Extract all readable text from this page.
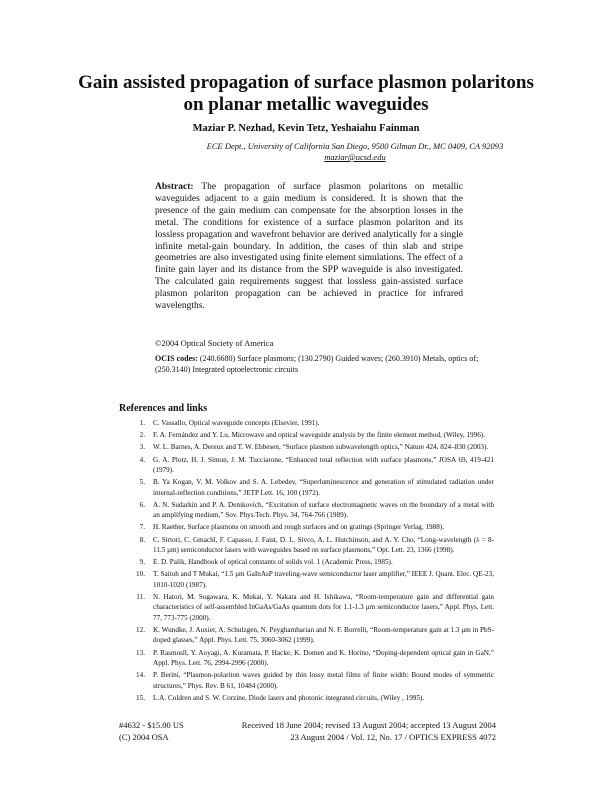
Gain assisted propagation of surface plasmon polaritons on planar metallic waveguides
Maziar P. Nezhad, Kevin Tetz, Yeshaiahu Fainman
ECE Dept., University of California San Diego, 9500 Gilman Dr., MC 0409, CA 92093
maziar@ucsd.edu
Abstract: The propagation of surface plasmon polaritons on metallic waveguides adjacent to a gain medium is considered. It is shown that the presence of the gain medium can compensate for the absorption losses in the metal. The conditions for existence of a surface plasmon polariton and its lossless propagation and wavefront behavior are derived analytically for a single infinite metal-gain boundary. In addition, the cases of thin slab and stripe geometries are also investigated using finite element simulations. The effect of a finite gain layer and its distance from the SPP waveguide is also investigated. The calculated gain requirements suggest that lossless gain-assisted surface plasmon polariton propagation can be achieved in practice for infrared wavelengths.
©2004 Optical Society of America
OCIS codes: (240.6680) Surface plasmons; (130.2790) Guided waves; (260.3910) Metals, optics of; (250.3140) Integrated optoelectronic circuits
References and links
1.	C. Vassallo, Optical waveguide concepts (Elsevier, 1991).
2.	F. A. Fernández and Y. Lu, Microwave and optical waveguide analysis by the finite element method, (Wiley, 1996).
3.	W. L. Barnes, A. Dereux and T. W. Ebbesen, “Surface plasmon subwavelength optics,” Nature 424, 824–830 (2003).
4.	G. A. Plotz, H. J. Simon, J. M. Tucciarone, “Enhanced total reflection with surface plasmons,” JOSA 69, 419-421 (1979).
5.	B. Ya Kogan, V. M. Volkov and S. A. Lebedev, “Superluminescence and generation of stimulated radiation under internal-reflection conditions,” JETP Lett. 16, 100 (1972).
6.	A. N. Sudarkin and P. A. Demkovich, “Excitation of surface electromagnetic waves on the boundary of a metal with an amplifying medium,” Sov. Phys.Tech. Phys. 34, 764-766 (1989).
7.	H. Raether, Surface plasmons on smooth and rough surfaces and on gratings (Springer Verlag, 1988).
8.	C. Sirtori, C. Gmachl, F. Capasso, J. Faist, D. L. Sivco, A. L. Hutchinson, and A. Y. Cho, “Long-wavelength (λ = 8-11.5 μm) semiconductor lasers with waveguides based on surface plasmons,” Opt. Lett. 23, 1366 (1998).
9.	E. D. Palik, Handbook of optical constants of solids vol. 1 (Academic Press, 1985).
10.	T. Saitoh and T Mukai, “1.5 μm GaInAsP traveling-wave semiconductor laser amplifier,” IEEE J. Quant. Elec. QE-23, 1010-1020 (1987).
11.	N. Hatori, M. Sugawara, K. Mukai, Y. Nakata and H. Ishikawa, “Room-temperature gain and differential gain characteristics of self-assembled InGaAs/GaAs quantum dots for 1.1-1.3 μm semiconductor lasers,” Appl. Phys. Lett. 77, 773-775 (2000).
12.	K. Wundke, J. Auxier, A. Schulzgen, N. Peyghambarian and N. F. Borrelli, “Room-temperature gain at 1.3 μm in PbS-doped glasses,” Appl. Phys. Lett. 75, 3060-3062 (1999).
13.	P. Rasmusll, Y. Aoyagi, A. Kuramata, P. Hacke, K. Domen and K. Horino, “Doping-dependent optical gain in GaN,” Appl. Phys. Lett. 76, 2994-2996 (2000).
14.	P. Berini, “Plasmon-polariton waves guided by thin lossy metal films of finite width: Bound modes of symmetric structures,” Phys. Rev. B 61, 10484 (2000).
15.	L.A. Coldren and S. W. Corzine, Diode lasers and photonic integrated circuits, (Wiley , 1995).
#4632 - $15.00 US
(C) 2004 OSA
Received 18 June 2004; revised 13 August 2004; accepted 13 August 2004
23 August 2004 / Vol. 12, No. 17 / OPTICS EXPRESS 4072
